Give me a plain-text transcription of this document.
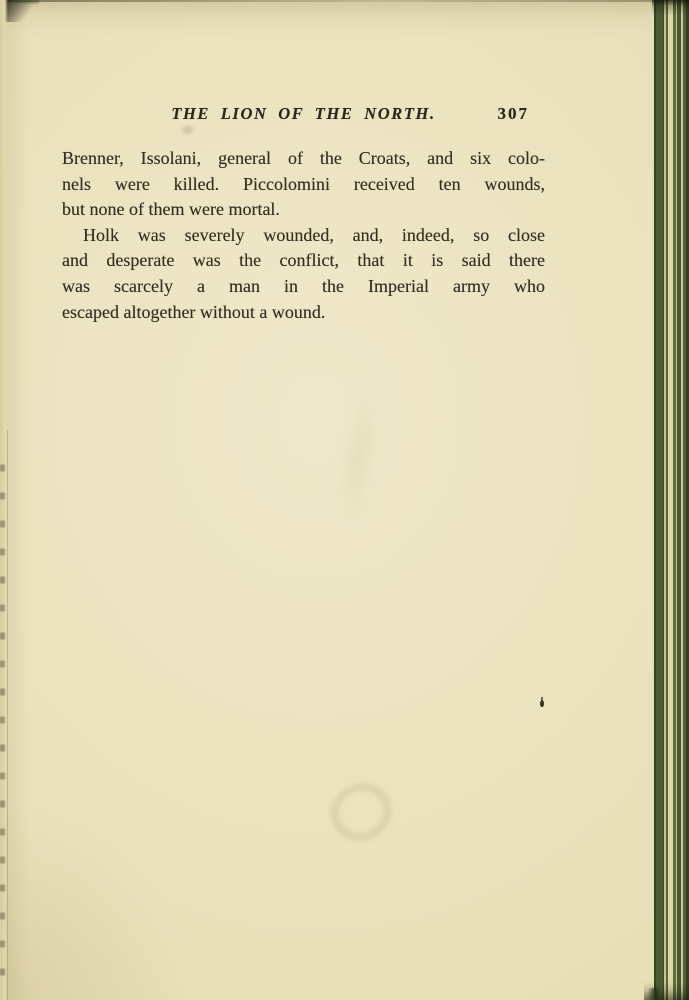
THE LION OF THE NORTH.	307
Brenner, Issolani, general of the Croats, and six colo-
nels were killed. Piccolomini received ten wounds,
but none of them were mortal.
Holk was severely wounded, and, indeed, so close
and desperate was the conflict, that it is said there
was scarcely a man in the Imperial army who
escaped altogether without a wound.
